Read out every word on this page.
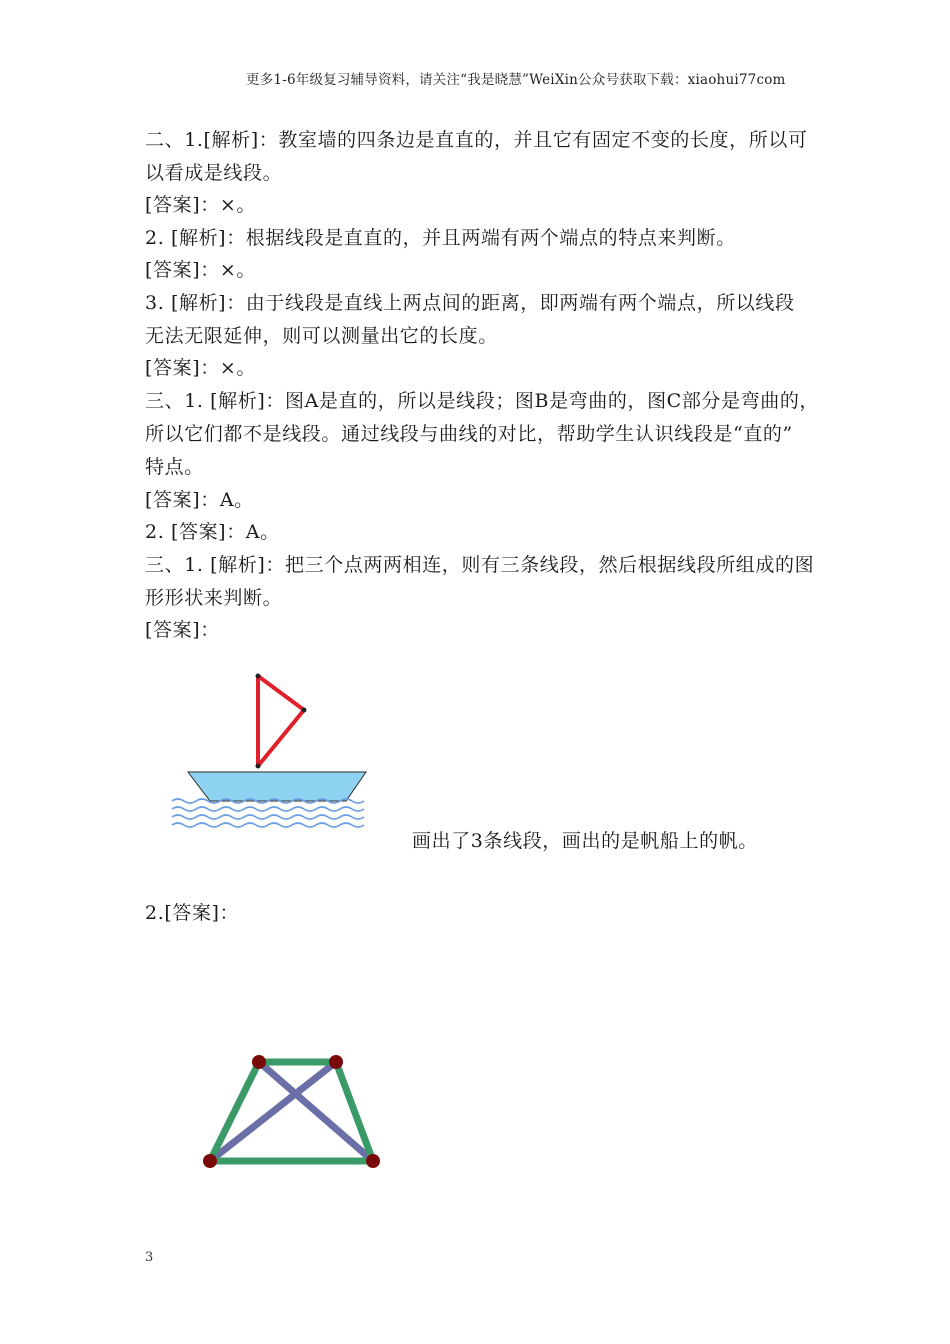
更多1-6年级复习辅导资料，请关注“我是晓慧”WeiXin公众号获取下载：xiaohui77com
二、1.[解析]：教室墙的四条边是直直的，并且它有固定不变的长度，所以可
以看成是线段。
[答案]：×。
2. [解析]：根据线段是直直的，并且两端有两个端点的特点来判断。
[答案]：×。
3. [解析]：由于线段是直线上两点间的距离，即两端有两个端点，所以线段
无法无限延伸，则可以测量出它的长度。
[答案]：×。
三、1. [解析]：图A是直的，所以是线段；图B是弯曲的，图C部分是弯曲的，
所以它们都不是线段。通过线段与曲线的对比，帮助学生认识线段是“直的”
特点。
[答案]：A。
2. [答案]：A。
三、1. [解析]：把三个点两两相连，则有三条线段，然后根据线段所组成的图
形形状来判断。
[答案]：
画出了3条线段，画出的是帆船上的帆。
2.[答案]：
3
